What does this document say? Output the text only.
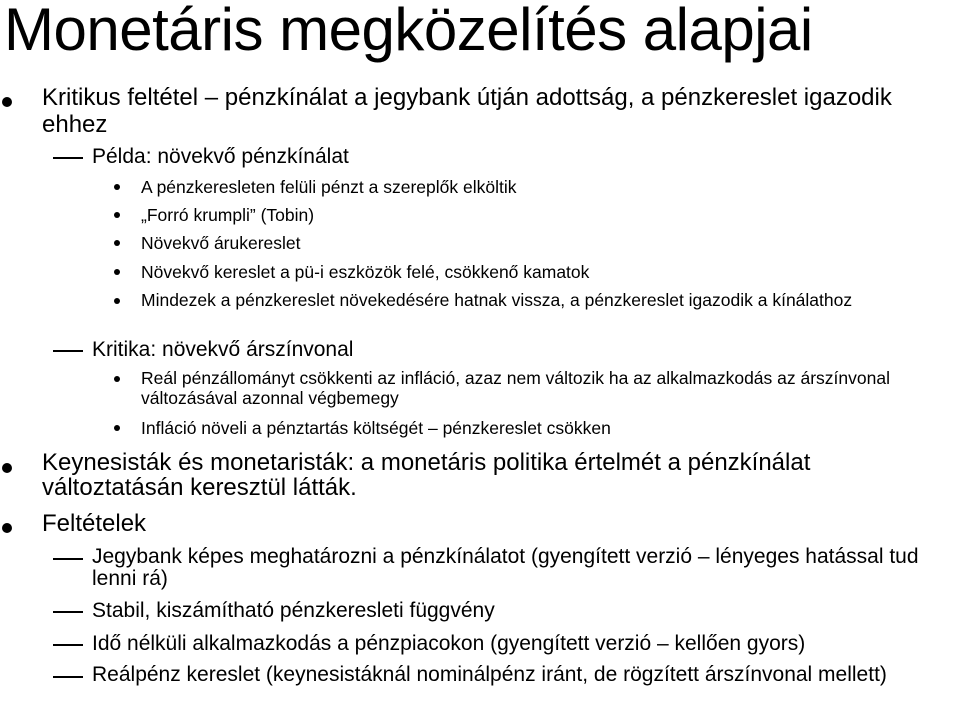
Monetáris megközelítés alapjai
Kritikus feltétel – pénzkínálat a jegybank útján adottság, a pénzkereslet igazodik ehhez
Példa: növekvő pénzkínálat
A pénzkeresleten felüli pénzt a szereplők elköltik
„Forró krumpli” (Tobin)
Növekvő árukereslet
Növekvő kereslet a pü-i eszközök felé, csökkenő kamatok
Mindezek a pénzkereslet növekedésére hatnak vissza, a pénzkereslet igazodik a kínálathoz
Kritika: növekvő árszínvonal
Reál pénzállományt csökkenti az infláció, azaz nem változik ha az alkalmazkodás az árszínvonal változásával azonnal végbemegy
Infláció növeli a pénztartás költségét – pénzkereslet csökken
Keynesisták és monetaristák: a monetáris politika értelmét a pénzkínálat változtatásán keresztül látták.
Feltételek
Jegybank képes meghatározni a pénzkínálatot (gyengített verzió – lényeges hatással tud lenni rá)
Stabil, kiszámítható pénzkeresleti függvény
Idő nélküli alkalmazkodás a pénzpiacokon (gyengített verzió – kellően gyors)
Reálpénz kereslet (keynesistáknál nominálpénz iránt, de rögzített árszínvonal mellett)
